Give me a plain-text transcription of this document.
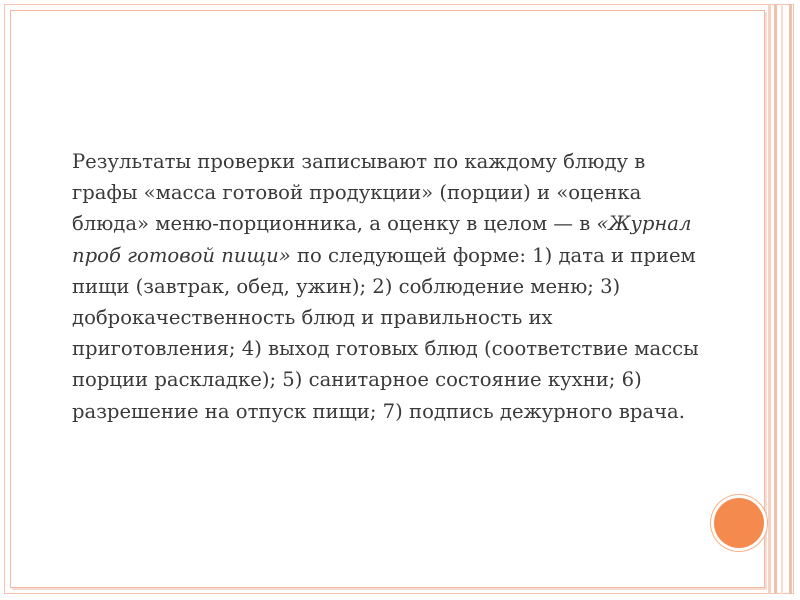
Результаты проверки записывают по каждому блюду в графы «масса готовой продукции» (порции) и «оценка блюда» меню-порционника, а оценку в целом — в «Журнал проб готовой пищи» по следующей форме: 1) дата и прием пищи (завтрак, обед, ужин); 2) соблюдение меню; 3) доброкачественность блюд и правильность их приготовления; 4) выход готовых блюд (соответствие массы порции раскладке); 5) санитарное состояние кухни; 6) разрешение на отпуск пищи; 7) подпись дежурного врача.
